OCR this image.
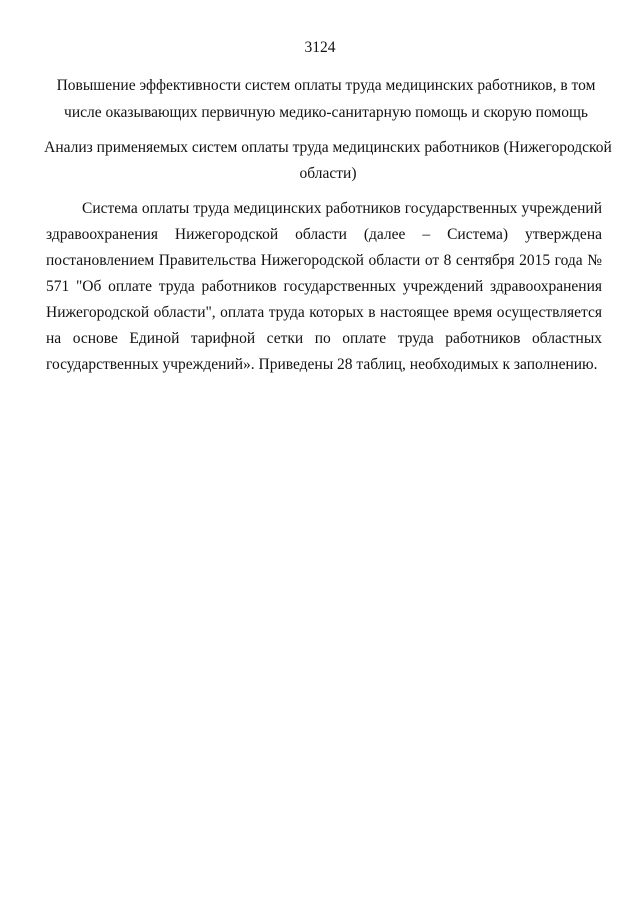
3124
Повышение эффективности систем оплаты труда медицинских работников, в том числе оказывающих первичную медико-санитарную помощь и скорую помощь
Анализ применяемых систем оплаты труда медицинских работников (Нижегородской области)

Система оплаты труда медицинских работников государственных учреждений здравоохранения Нижегородской области (далее – Система) утверждена постановлением Правительства Нижегородской области от 8 сентября 2015 года № 571 "Об оплате труда работников государственных учреждений здравоохранения Нижегородской области", оплата труда которых в настоящее время осуществляется на основе Единой тарифной сетки по оплате труда работников областных государственных учреждений». Приведены 28 таблиц, необходимых к заполнению.
